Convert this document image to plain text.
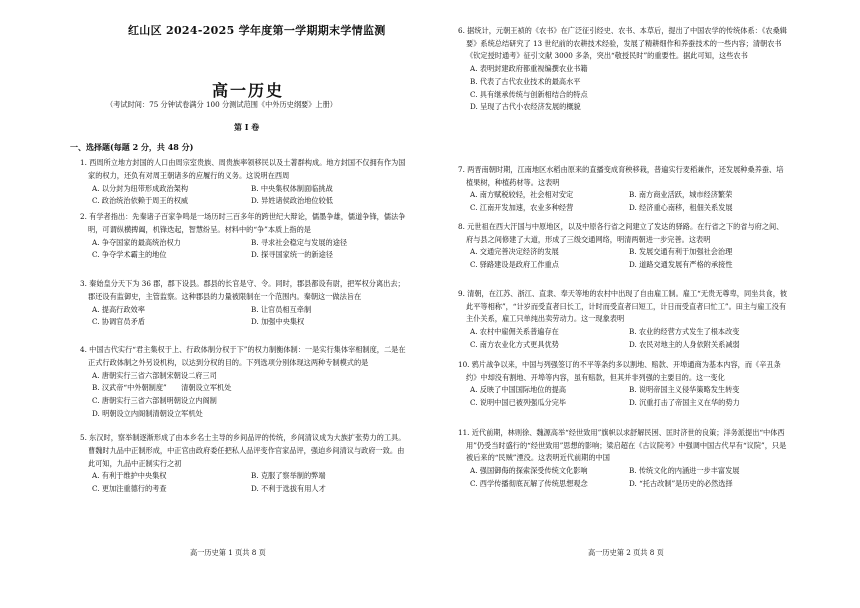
红山区 2024-2025 学年度第一学期期末学情监测
高一历史
（考试时间：75 分钟试卷满分 100 分测试范围《中外历史纲要》上册）
第 Ⅰ 卷
一、选择题(每题 2 分，共 48 分)
1. 西周所立地方封国的人口由周宗室贵族、周贵族率领移民以及土著群构成。地方封国不仅拥有作为国家的权力，还负有对周王朝诸多的应履行的义务。这说明在西周
A. 以分封为纽带形成政治架构	B. 中央集权体制面临挑战
C. 政治统治依赖于周王的权威	D. 异姓诸侯政治地位较低
2. 有学者指出：先秦诸子百家争鸣是一场历时三百多年的跨世纪大辩论，儒墨争雄，儒道争锋，儒法争明，可谓纵横捭阖，机锋迭起，智慧纷呈。材料中的“争”本质上指的是
A. 争夺国家的最高统治权力	B. 寻求社会稳定与发展的途径
C. 争夺学术霸主的地位	D. 探寻国家统一的新途径
3. 秦始皇分天下为 36 郡，郡下设县。郡县的长官是守、令。同时，郡县都设有尉，把军权分离出去；郡还设有监御史，主管监察。这种郡县的力量被限制在一个范围内。秦朝这一做法旨在
A. 提高行政效率	B. 让官员相互牵制
C. 协调官员矛盾	D. 加强中央集权
4. 中国古代实行“君主集权于上、行政体制分权于下”的权力制衡体制：一是实行集体宰相制度，二是在正式行政体制之外另设机构，以达到分权的目的。下列选项分别体现这两种专制模式的是
A. 唐朝实行三省六部制宋朝设二府三司
B. 汉武帝“中外朝制度”　　清朝设立军机处
C. 唐朝实行三省六部制明朝设立内阁制
D. 明朝设立内阁制清朝设立军机处
5. 东汉时，察举制逐渐形成了由本乡名士主导的乡间品评的传统，乡间清议成为大族扩张势力的工具。曹魏时九品中正制形成，中正官由政府委任把私人品评变作官家品评，强迫乡间清议与政府一致。由此可知，九品中正制实行之初
A. 有利于维护中央集权	B. 克服了察举制的弊端
C. 更加注重德行的考查	D. 不利于选拔有用人才
6. 据统计，元朝王祯的《农书》在广泛征引经史、农书、本草后，提出了中国农学的传统体系：《农桑辑要》系统总结研究了 13 世纪前的农耕技术经验，发展了精耕细作和养蚕技术的一些内容；清朝农书《钦定授时通考》征引文献 3000 多条，突出“敬授民时”的重要性。据此可知，这些农书
A. 表明封建政府都重视编撰农业书籍
B. 代表了古代农业技术的最高水平
C. 具有继承传统与创新相结合的特点
D. 呈现了古代小农经济发展的概貌
7. 两晋南朝时期，江南地区水稻由原来的直播变成育秧移栽，普遍实行麦稻兼作，还发展种桑养蚕、培植果树，种植药材等。这表明
A. 南方赋税较轻，社会相对安定	B. 南方商业活跃，城市经济繁荣
C. 江南开发加速，农业多种经营	D. 经济重心南移，租佃关系发展
8. 元世祖在西大汗国与中原地区，以及中原各行省之间建立了发达的驿路。在行省之下的省与府之间、府与县之间修建了大道，形成了三级交通网络，明清两朝进一步完善。这表明
A. 交通完善决定经济的发展	B. 发展交通有利于加强社会治理
C. 驿路建设是政府工作重点	D. 道路交通发展有严格的承接性
9. 清朝，在江苏、浙江、直隶、奉天等地的农村中出现了自由雇工制。雇工“无贵无尊卑，同坐共食，彼此平等相称”，“计岁而受直者曰长工，计时而受直者曰短工，计日而受直者曰忙工”。田主与雇工没有主仆关系，雇工只单纯出卖劳动力。这一现象表明
A. 农村中雇佣关系普遍存在	B. 农业的经营方式发生了根本改变
C. 南方农业化方式更具优势	D. 农民对地主的人身依附关系减弱
10. 鸦片战争以来，中国与列强签订的不平等条约多以割地、赔款、开埠通商为基本内容，而《辛丑条约》中却没有割地、开埠等内容，虽有赔款，但其并非列强的主要目的。这一变化
A. 反映了中国国际地位的提高	B. 说明帝国主义侵华策略发生转变
C. 说明中国已被列强瓜分完毕	D. 沉重打击了帝国主义在华的势力
11. 近代前期，林则徐、魏源高举“经世致用”旗帜以求舒解民困、匡时济世的良策；洋务派提出“中体西用”仍受当时盛行的“经世致用”思想的影响；梁启超在《古议院考》中强调中国古代早有“议院”，只是被后来的“民贼”湮没。这表明近代前期的中国
A. 强国御侮的探索深受传统文化影响	B. 传统文化的内涵进一步丰富发展
C. 西学传播彻底瓦解了传统思想观念	D. “托古改制”是历史的必然选择
高一历史第 1 页共 8 页	高一历史第 2 页共 8 页
